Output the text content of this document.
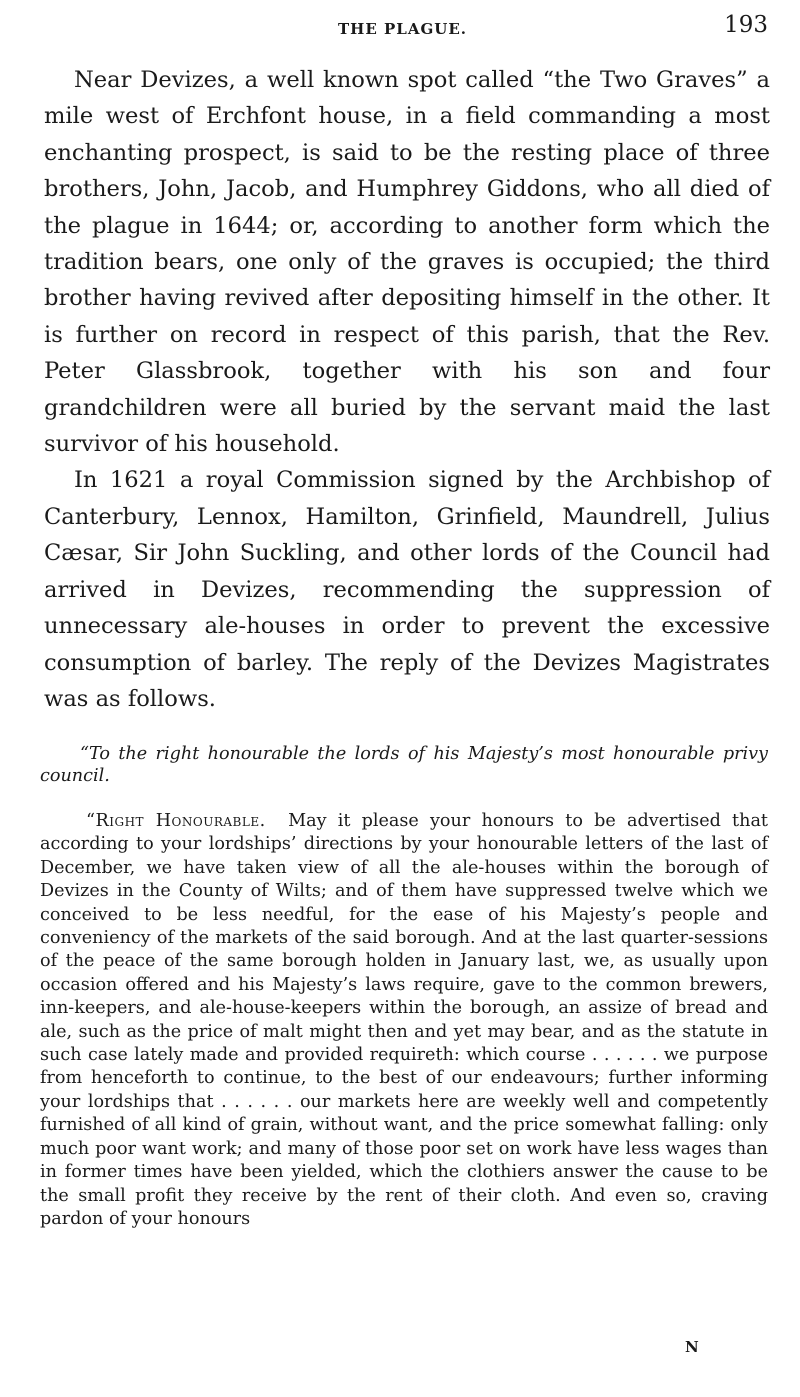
THE PLAGUE.	193

Near Devizes, a well known spot called “the Two Graves” a mile west of Erchfont house, in a field commanding a most enchanting prospect, is said to be the resting place of three brothers, John, Jacob, and Humphrey Giddons, who all died of the plague in 1644; or, according to another form which the tradition bears, one only of the graves is occupied; the third brother having revived after depositing himself in the other. It is further on record in respect of this parish, that the Rev. Peter Glassbrook, together with his son and four grandchildren were all buried by the servant maid the last survivor of his household.

In 1621 a royal Commission signed by the Archbishop of Canterbury, Lennox, Hamilton, Grinfield, Maundrell, Julius Cæsar, Sir John Suckling, and other lords of the Council had arrived in Devizes, recommending the suppression of unnecessary ale-houses in order to prevent the excessive consumption of barley. The reply of the Devizes Magistrates was as follows.

“To the right honourable the lords of his Majesty’s most honourable privy council.

“Right Honourable. May it please your honours to be advertised that according to your lordships’ directions by your honourable letters of the last of December, we have taken view of all the ale-houses within the borough of Devizes in the County of Wilts; and of them have suppressed twelve which we conceived to be less needful, for the ease of his Majesty’s people and conveniency of the markets of the said borough. And at the last quarter-sessions of the peace of the same borough holden in January last, we, as usually upon occasion offered and his Majesty’s laws require, gave to the common brewers, inn-keepers, and ale-house-keepers within the borough, an assize of bread and ale, such as the price of malt might then and yet may bear, and as the statute in such case lately made and provided requireth: which course . . . . . . we purpose from henceforth to continue, to the best of our endeavours; further informing your lordships that . . . . . . our markets here are weekly well and competently furnished of all kind of grain, without want, and the price somewhat falling: only much poor want work; and many of those poor set on work have less wages than in former times have been yielded, which the clothiers answer the cause to be the small profit they receive by the rent of their cloth. And even so, craving pardon of your honours

N
